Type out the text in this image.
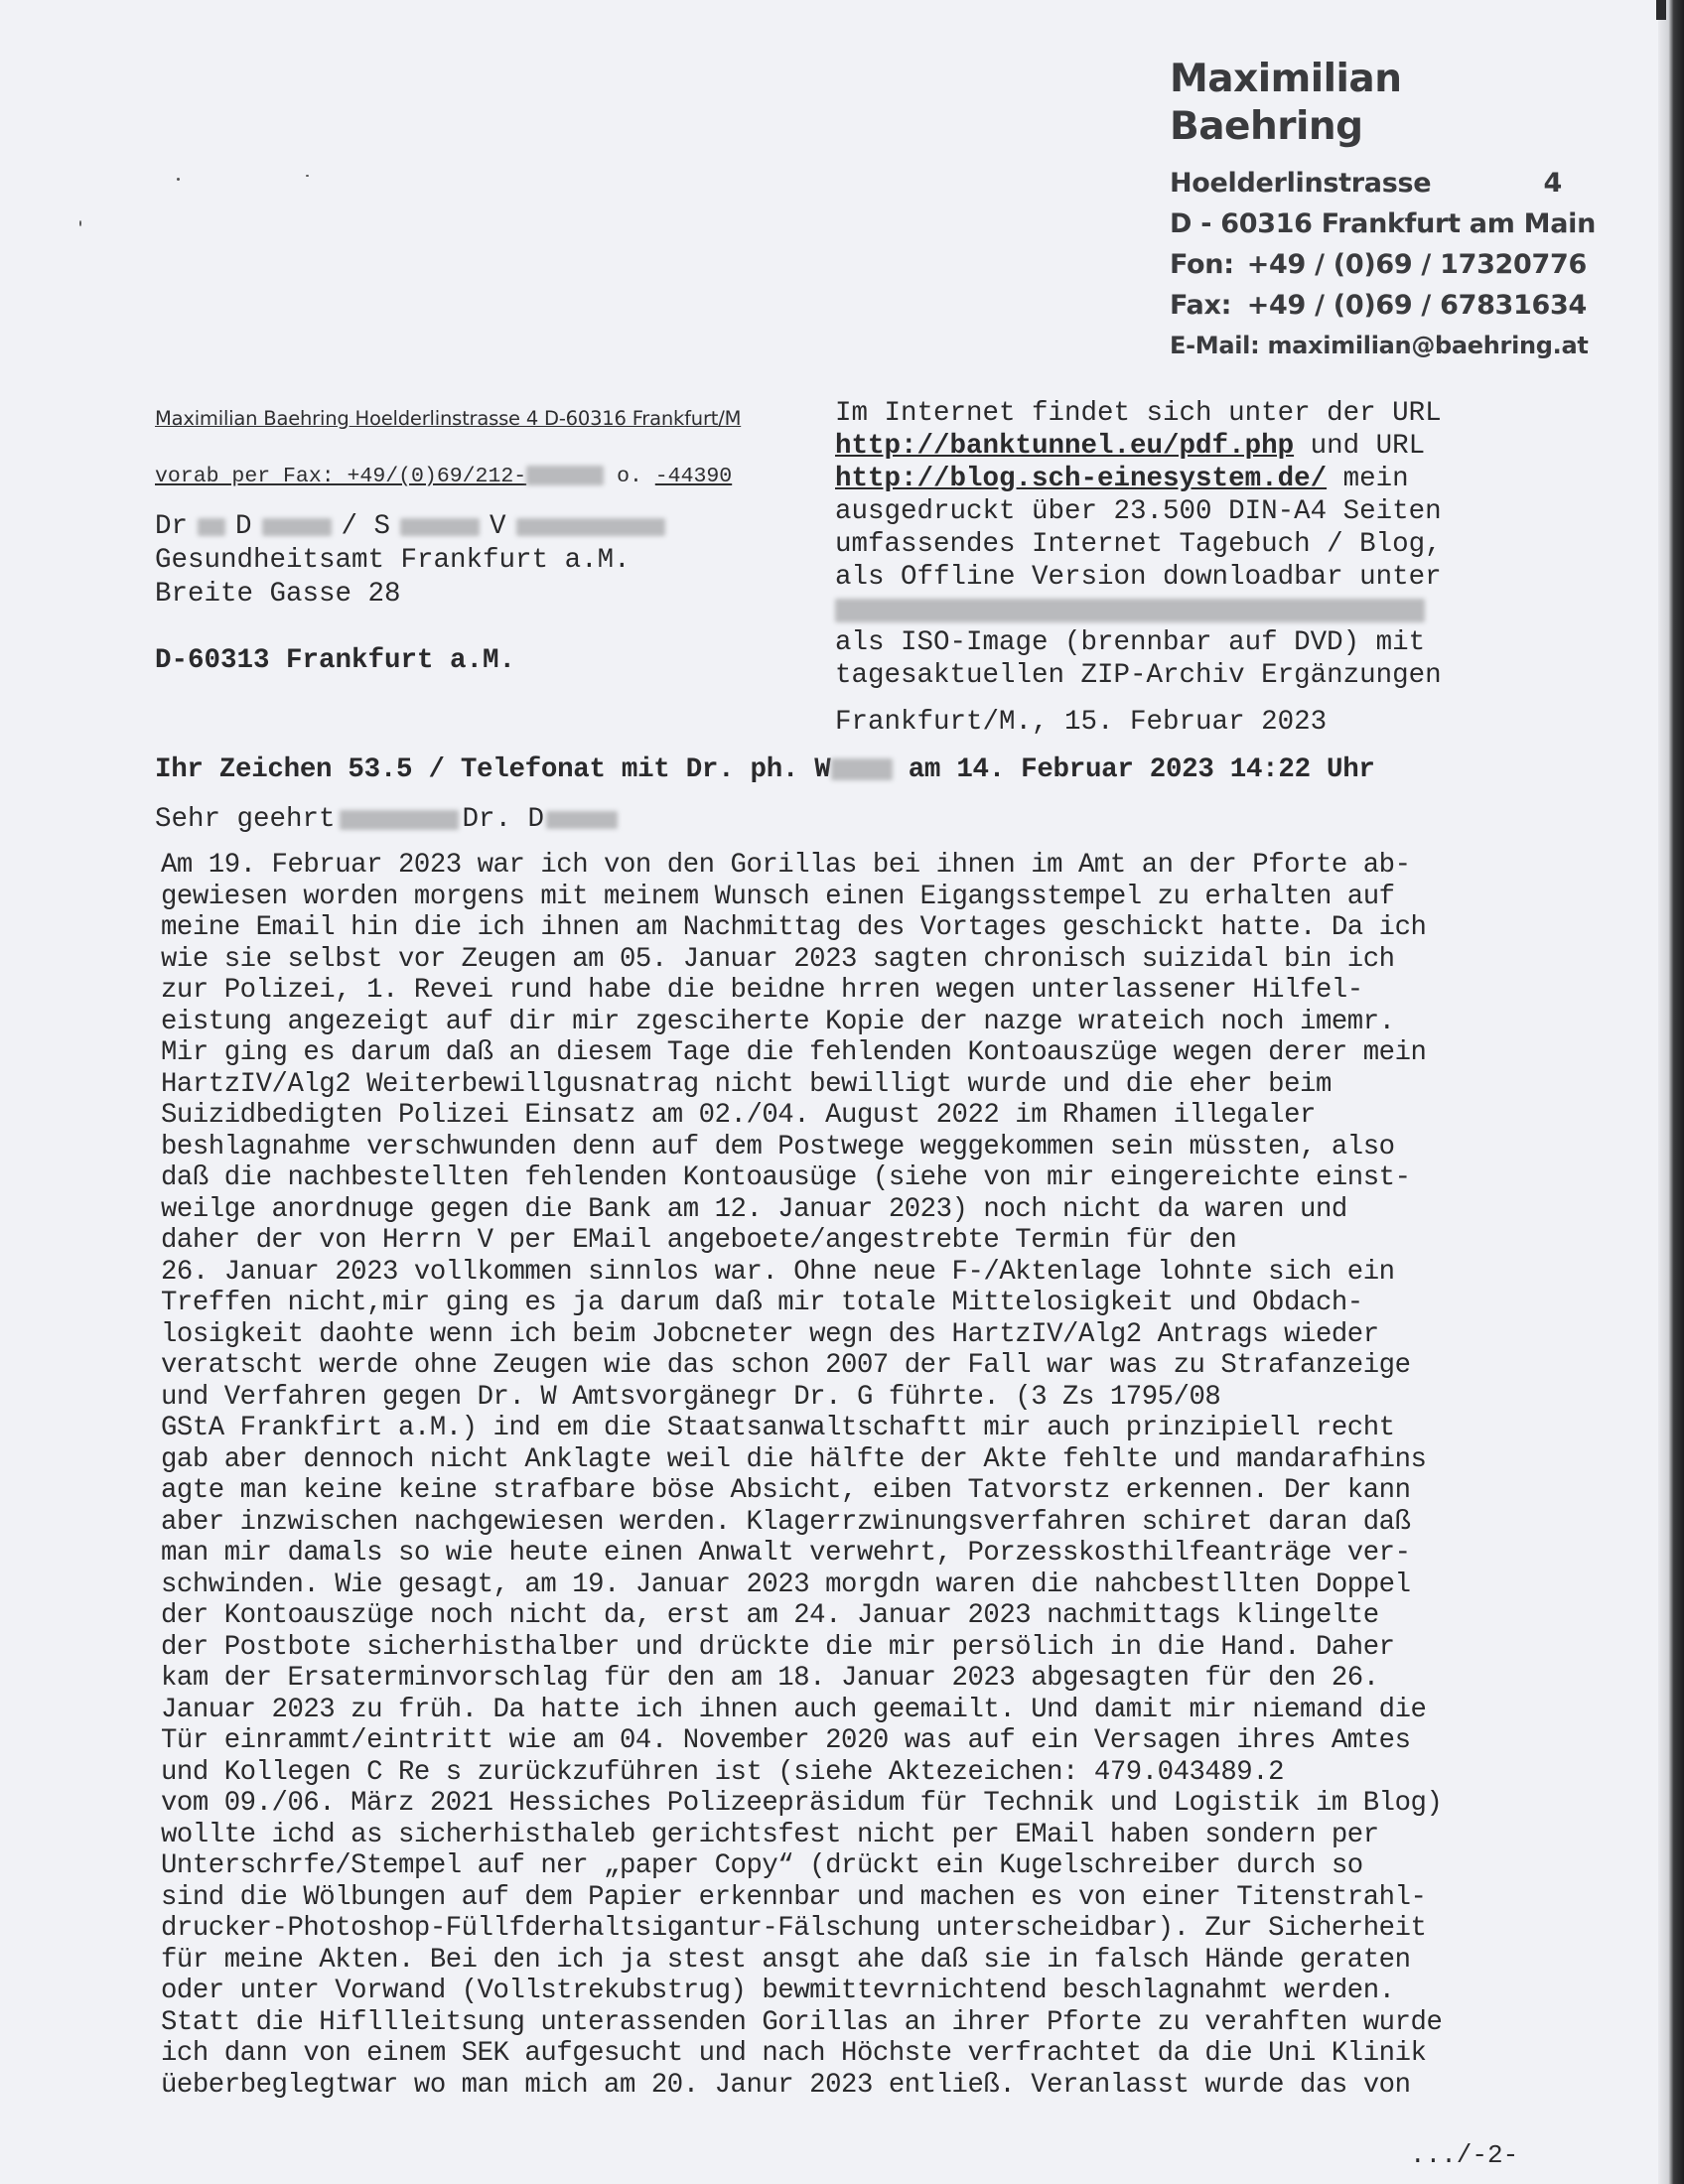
Maximilian Baehring
Hoelderlinstrasse	4
D - 60316 Frankfurt am Main
Fon: +49 / (0)69 / 17320776
Fax: +49 / (0)69 / 67831634
E-Mail: maximilian@baehring.at
Maximilian Baehring Hoelderlinstrasse 4 D-60316 Frankfurt/M
vorab per Fax: +49/(0)69/212-	o. -44390
Dr D	/ S	V
Gesundheitsamt Frankfurt a.M.
Breite Gasse 28
D-60313 Frankfurt a.M.
Im Internet findet sich unter der URL
http://banktunnel.eu/pdf.php und URL
http://blog.sch-einesystem.de/ mein
ausgedruckt über 23.500 DIN-A4 Seiten
umfassendes Internet Tagebuch / Blog,
als Offline Version downloadbar unter
als ISO-Image (brennbar auf DVD) mit
tagesaktuellen ZIP-Archiv Ergänzungen
Frankfurt/M., 15. Februar 2023
Ihr Zeichen 53.5 / Telefonat mit Dr. ph. W am 14. Februar 2023 14:22 Uhr
Sehr geehrt	Dr. D
Am 19. Februar 2023 war ich von den Gorillas bei ihnen im Amt an der Pforte ab-
gewiesen worden morgens mit meinem Wunsch einen Eigangsstempel zu erhalten auf
meine Email hin die ich ihnen am Nachmittag des Vortages geschickt hatte. Da ich
wie sie selbst vor Zeugen am 05. Januar 2023 sagten chronisch suizidal bin ich
zur Polizei, 1. Revei rund habe die beidne hrren wegen unterlassener Hilfel-
eistung angezeigt auf dir mir zgesciherte Kopie der nazge wrateich noch imemr.
Mir ging es darum daß an diesem Tage die fehlenden Kontoauszüge wegen derer mein
HartzIV/Alg2 Weiterbewillgusnatrag nicht bewilligt wurde und die eher beim
Suizidbedigten Polizei Einsatz am 02./04. August 2022 im Rhamen illegaler
beshlagnahme verschwunden denn auf dem Postwege weggekommen sein müssten, also
daß die nachbestellten fehlenden Kontoausüge (siehe von mir eingereichte einst-
weilge anordnuge gegen die Bank am 12. Januar 2023) noch nicht da waren und
daher der von Herrn V per EMail angeboete/angestrebte Termin für den
26. Januar 2023 vollkommen sinnlos war. Ohne neue F-/Aktenlage lohnte sich ein
Treffen nicht,mir ging es ja darum daß mir totale Mittelosigkeit und Obdach-
losigkeit daohte wenn ich beim Jobcneter wegn des HartzIV/Alg2 Antrags wieder
veratscht werde ohne Zeugen wie das schon 2007 der Fall war was zu Strafanzeige
und Verfahren gegen Dr. W Amtsvorgänegr Dr. G führte. (3 Zs 1795/08
GStA Frankfirt a.M.) ind em die Staatsanwaltschaftt mir auch prinzipiell recht
gab aber dennoch nicht Anklagte weil die hälfte der Akte fehlte und mandarafhins
agte man keine keine strafbare böse Absicht, eiben Tatvorstz erkennen. Der kann
aber inzwischen nachgewiesen werden. Klagerrzwinungsverfahren schiret daran daß
man mir damals so wie heute einen Anwalt verwehrt, Porzesskosthilfeanträge ver-
schwinden. Wie gesagt, am 19. Januar 2023 morgdn waren die nahcbestllten Doppel
der Kontoauszüge noch nicht da, erst am 24. Januar 2023 nachmittags klingelte
der Postbote sicherhisthalber und drückte die mir persölich in die Hand. Daher
kam der Ersaterminvorschlag für den am 18. Januar 2023 abgesagten für den 26.
Januar 2023 zu früh. Da hatte ich ihnen auch geemailt. Und damit mir niemand die
Tür einrammt/eintritt wie am 04. November 2020 was auf ein Versagen ihres Amtes
und Kollegen C Re s zurückzuführen ist (siehe Aktezeichen: 479.043489.2
vom 09./06. März 2021 Hessiches Polizeepräsidum für Technik und Logistik im Blog)
wollte ichd as sicherhisthaleb gerichtsfest nicht per EMail haben sondern per
Unterschrfe/Stempel auf ner „paper Copy“ (drückt ein Kugelschreiber durch so
sind die Wölbungen auf dem Papier erkennbar und machen es von einer Titenstrahl-
drucker-Photoshop-Füllfderhaltsigantur-Fälschung unterscheidbar). Zur Sicherheit
für meine Akten. Bei den ich ja stest ansgt ahe daß sie in falsch Hände geraten
oder unter Vorwand (Vollstrekubstrug) bewmittevrnichtend beschlagnahmt werden.
Statt die Hifllleitsung unterassenden Gorillas an ihrer Pforte zu verahften wurde
ich dann von einem SEK aufgesucht und nach Höchste verfrachtet da die Uni Klinik
üeberbeglegtwar wo man mich am 20. Janur 2023 entließ. Veranlasst wurde das von
.../-2-
